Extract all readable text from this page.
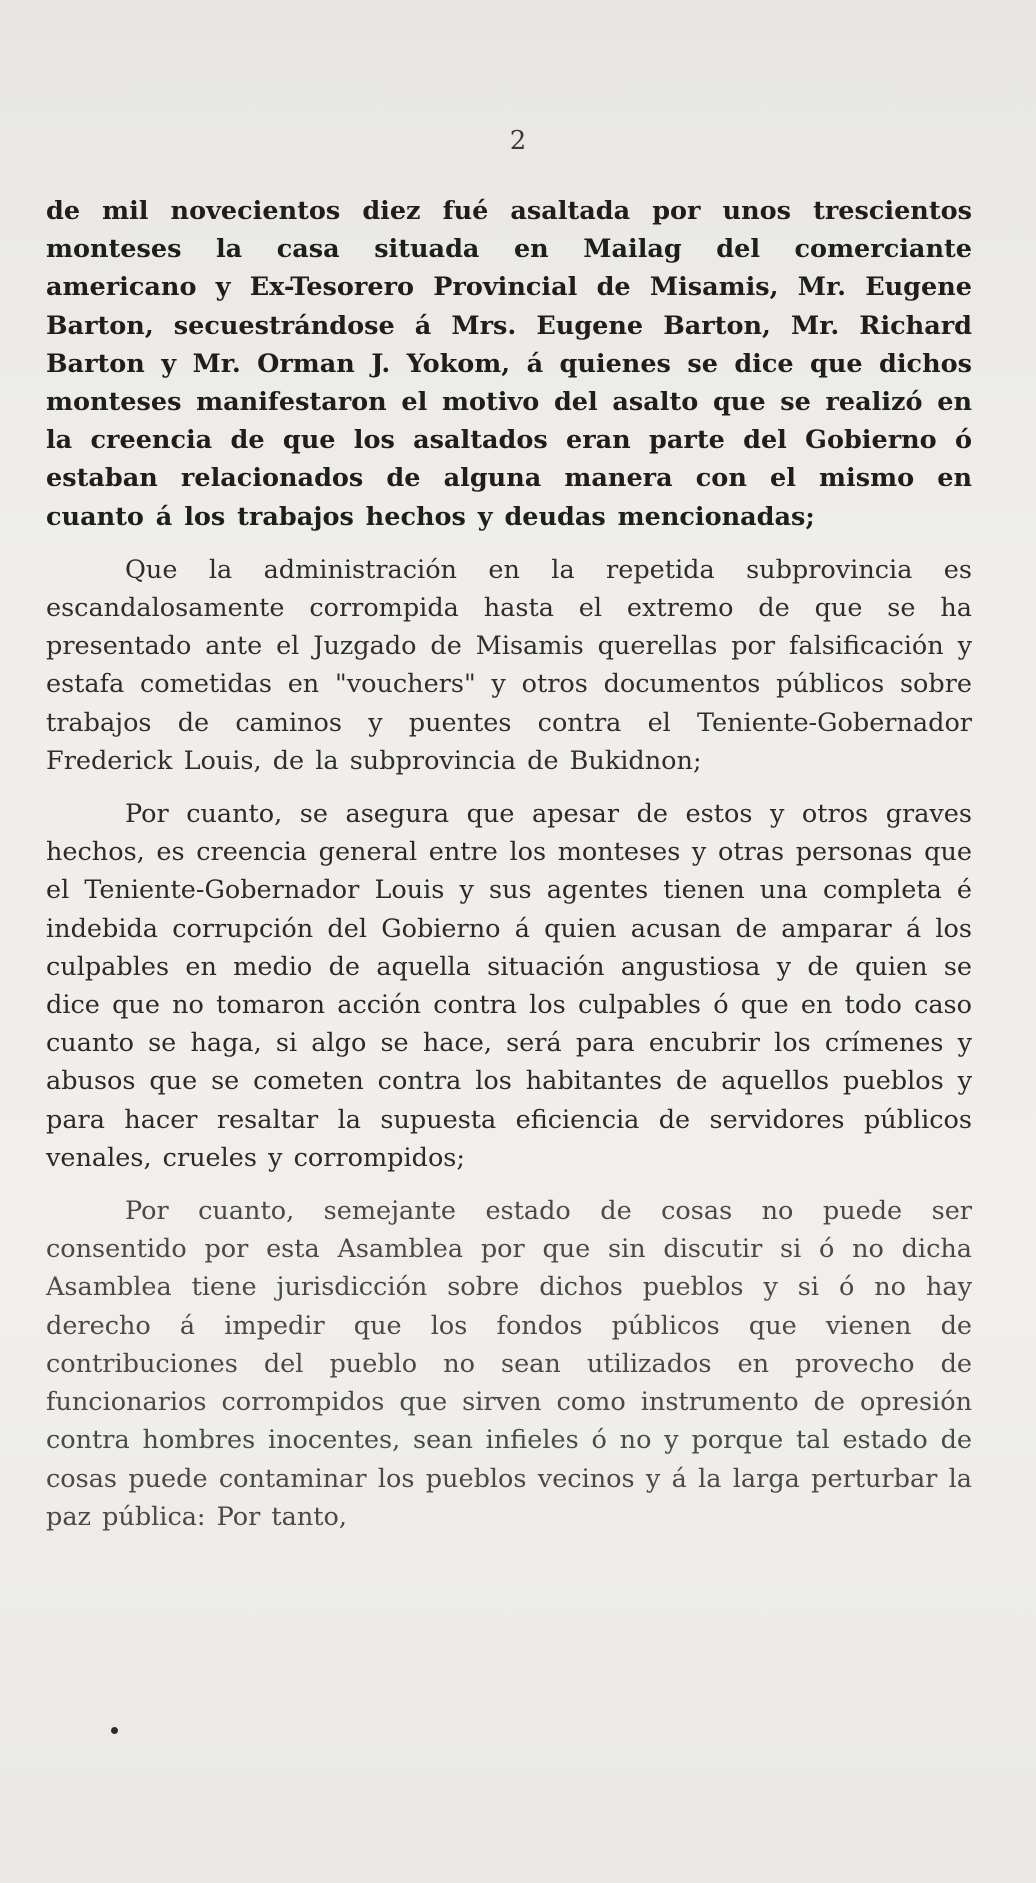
2

de mil novecientos diez fué asaltada por unos trescientos monteses la casa situada en Mailag del comerciante americano y Ex-Tesorero Provincial de Misamis, Mr. Eugene Barton, secuestrándose á Mrs. Eugene Barton, Mr. Richard Barton y Mr. Orman J. Yokom, á quienes se dice que dichos monteses manifestaron el motivo del asalto que se realizó en la creencia de que los asaltados eran parte del Gobierno ó estaban relacionados de alguna manera con el mismo en cuanto á los trabajos hechos y deudas mencionadas;

Que la administración en la repetida subprovincia es escandalosamente corrompida hasta el extremo de que se ha presentado ante el Juzgado de Misamis querellas por falsificación y estafa cometidas en "vouchers" y otros documentos públicos sobre trabajos de caminos y puentes contra el Teniente-Gobernador Frederick Louis, de la subprovincia de Bukidnon;

Por cuanto, se asegura que apesar de estos y otros graves hechos, es creencia general entre los monteses y otras personas que el Teniente-Gobernador Louis y sus agentes tienen una completa é indebida corrupción del Gobierno á quien acusan de amparar á los culpables en medio de aquella situación angustiosa y de quien se dice que no tomaron acción contra los culpables ó que en todo caso cuanto se haga, si algo se hace, será para encubrir los crímenes y abusos que se cometen contra los habitantes de aquellos pueblos y para hacer resaltar la supuesta eficiencia de servidores públicos venales, crueles y corrompidos;

Por cuanto, semejante estado de cosas no puede ser consentido por esta Asamblea por que sin discutir si ó no dicha Asamblea tiene jurisdicción sobre dichos pueblos y si ó no hay derecho á impedir que los fondos públicos que vienen de contribuciones del pueblo no sean utilizados en provecho de funcionarios corrompidos que sirven como instrumento de opresión contra hombres inocentes, sean infieles ó no y porque tal estado de cosas puede contaminar los pueblos vecinos y á la larga perturbar la paz pública: Por tanto,
